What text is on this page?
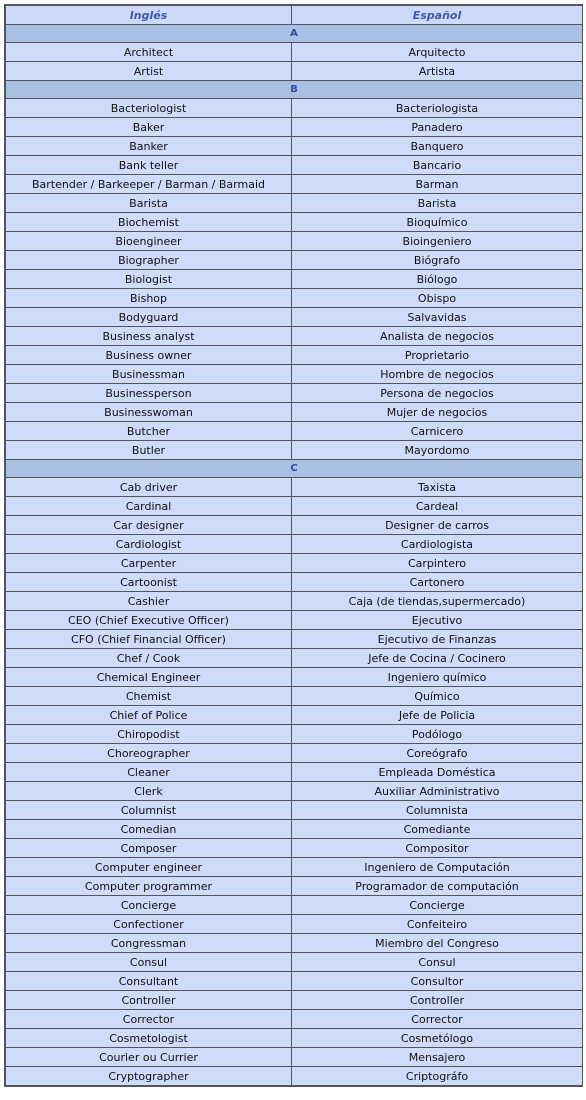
Inglés	Español
A	
Architect	Arquitecto
Artist	Artista
B	
Bacteriologist	Bacteriologista
Baker	Panadero
Banker	Banquero
Bank teller	Bancario
Bartender / Barkeeper / Barman / Barmaid	Barman
Barista	Barista
Biochemist	Bioquímico
Bioengineer	Bioingeniero
Biographer	Biógrafo
Biologist	Biólogo
Bishop	Obispo
Bodyguard	Salvavidas
Business analyst	Analista de negocios
Business owner	Proprietario
Businessman	Hombre de negocios
Businessperson	Persona de negocios
Businesswoman	Mujer de negocios
Butcher	Carnicero
Butler	Mayordomo
C	
Cab driver	Taxista
Cardinal	Cardeal
Car designer	Designer de carros
Cardiologist	Cardiologista
Carpenter	Carpintero
Cartoonist	Cartonero
Cashier	Caja (de tiendas,supermercado)
CEO (Chief Executive Officer)	Ejecutivo
CFO (Chief Financial Officer)	Ejecutivo de Finanzas
Chef / Cook	Jefe de Cocina / Cocinero
Chemical Engineer	Ingeniero químico
Chemist	Químico
Chief of Police	Jefe de Policia
Chiropodist	Podólogo
Choreographer	Coreógrafo
Cleaner	Empleada Doméstica
Clerk	Auxiliar Administrativo
Columnist	Columnista
Comedian	Comediante
Composer	Compositor
Computer engineer	Ingeniero de Computación
Computer programmer	Programador de computación
Concierge	Concierge
Confectioner	Confeiteiro
Congressman	Miembro del Congreso
Consul	Consul
Consultant	Consultor
Controller	Controller
Corrector	Corrector
Cosmetologist	Cosmetólogo
Courier ou Currier	Mensajero
Cryptographer	Criptográfo
